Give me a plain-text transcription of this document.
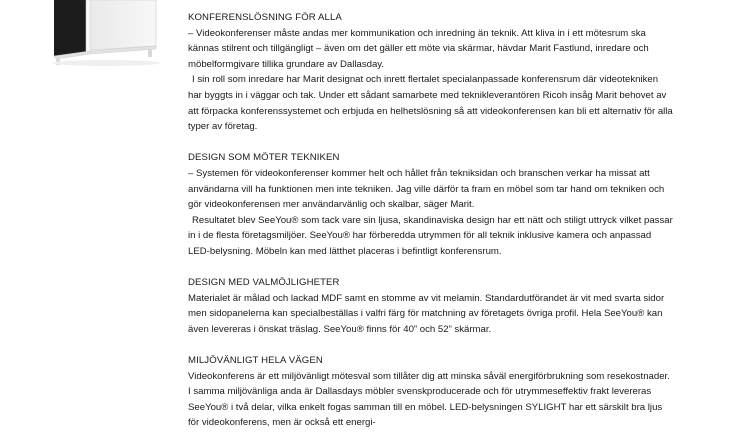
KONFERENSLÖSNING FÖR ALLA
– Videokonferenser måste andas mer kommunikation och inredning än teknik. Att kliva in i ett mötesrum ska kännas stilrent och tillgängligt – även om det gäller ett möte via skärmar, hävdar Marit Fastlund, inredare och möbelformgivare tillika grundare av Dallasday.
I sin roll som inredare har Marit designat och inrett flertalet specialanpassade konferensrum där videotekniken har byggts in i väggar och tak. Under ett sådant samarbete med teknikleverantören Ricoh insåg Marit behovet av att förpacka konferenssystemet och erbjuda en helhetslösning så att videokonferensen kan bli ett alternativ för alla typer av företag.
DESIGN SOM MÖTER TEKNIKEN
– Systemen för videokonferenser kommer helt och hållet från tekniksidan och branschen verkar ha missat att användarna vill ha funktionen men inte tekniken. Jag ville därför ta fram en möbel som tar hand om tekniken och gör videokonferensen mer användarvänlig och skalbar, säger Marit.
Resultatet blev SeeYou® som tack vare sin ljusa, skandinaviska design har ett nätt och stiligt uttryck vilket passar in i de flesta företagsmiljöer. SeeYou® har förberedda utrymmen för all teknik inklusive kamera och anpassad LED-belysning. Möbeln kan med lätthet placeras i befintligt konferensrum.
DESIGN MED VALMÖJLIGHETER
Materialet är målad och lackad MDF samt en stomme av vit melamin. Standardutförandet är vit med svarta sidor men sidopanelerna kan specialbeställas i valfri färg för matchning av företagets övriga profil. Hela SeeYou® kan även levereras i önskat träslag. SeeYou® finns för 40” och 52” skärmar.
MILJÖVÄNLIGT HELA VÄGEN
Videokonferens är ett miljövänligt mötesval som tillåter dig att minska såväl energiförbrukning som resekostnader. I samma miljövänliga anda är Dallasdays möbler svenskproducerade och för utrymmeseffektiv frakt levereras SeeYou® i två delar, vilka enkelt fogas samman till en möbel. LED-belysningen SYLIGHT har ett särskilt bra ljus för videokonferens, men är också ett energi-
